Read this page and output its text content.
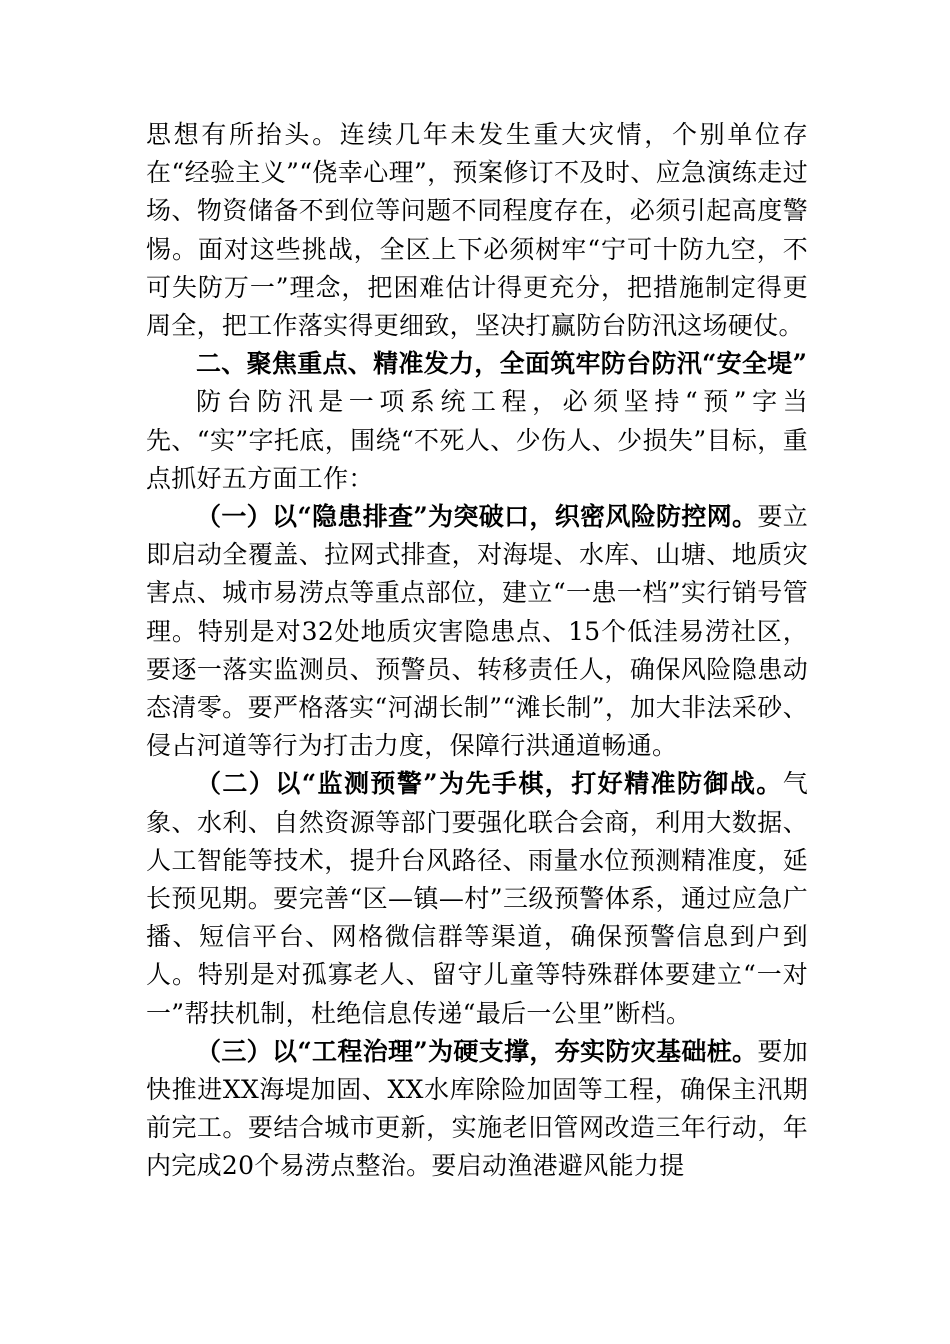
思想有所抬头。连续几年未发生重大灾情，个别单位存在“经验主义”“侥幸心理”，预案修订不及时、应急演练走过场、物资储备不到位等问题不同程度存在，必须引起高度警惕。面对这些挑战，全区上下必须树牢“宁可十防九空，不可失防万一”理念，把困难估计得更充分，把措施制定得更周全，把工作落实得更细致，坚决打赢防台防汛这场硬仗。

二、聚焦重点、精准发力，全面筑牢防台防汛“安全堤”

防台防汛是一项系统工程，必须坚持“预”字当先、“实”字托底，围绕“不死人、少伤人、少损失”目标，重点抓好五方面工作：

（一）以“隐患排查”为突破口，织密风险防控网。要立即启动全覆盖、拉网式排查，对海堤、水库、山塘、地质灾害点、城市易涝点等重点部位，建立“一患一档”实行销号管理。特别是对32处地质灾害隐患点、15个低洼易涝社区，要逐一落实监测员、预警员、转移责任人，确保风险隐患动态清零。要严格落实“河湖长制”“滩长制”，加大非法采砂、侵占河道等行为打击力度，保障行洪通道畅通。

（二）以“监测预警”为先手棋，打好精准防御战。气象、水利、自然资源等部门要强化联合会商，利用大数据、人工智能等技术，提升台风路径、雨量水位预测精准度，延长预见期。要完善“区—镇—村”三级预警体系，通过应急广播、短信平台、网格微信群等渠道，确保预警信息到户到人。特别是对孤寡老人、留守儿童等特殊群体要建立“一对一”帮扶机制，杜绝信息传递“最后一公里”断档。

（三）以“工程治理”为硬支撑，夯实防灾基础桩。要加快推进XX海堤加固、XX水库除险加固等工程，确保主汛期前完工。要结合城市更新，实施老旧管网改造三年行动，年内完成20个易涝点整治。要启动渔港避风能力提
